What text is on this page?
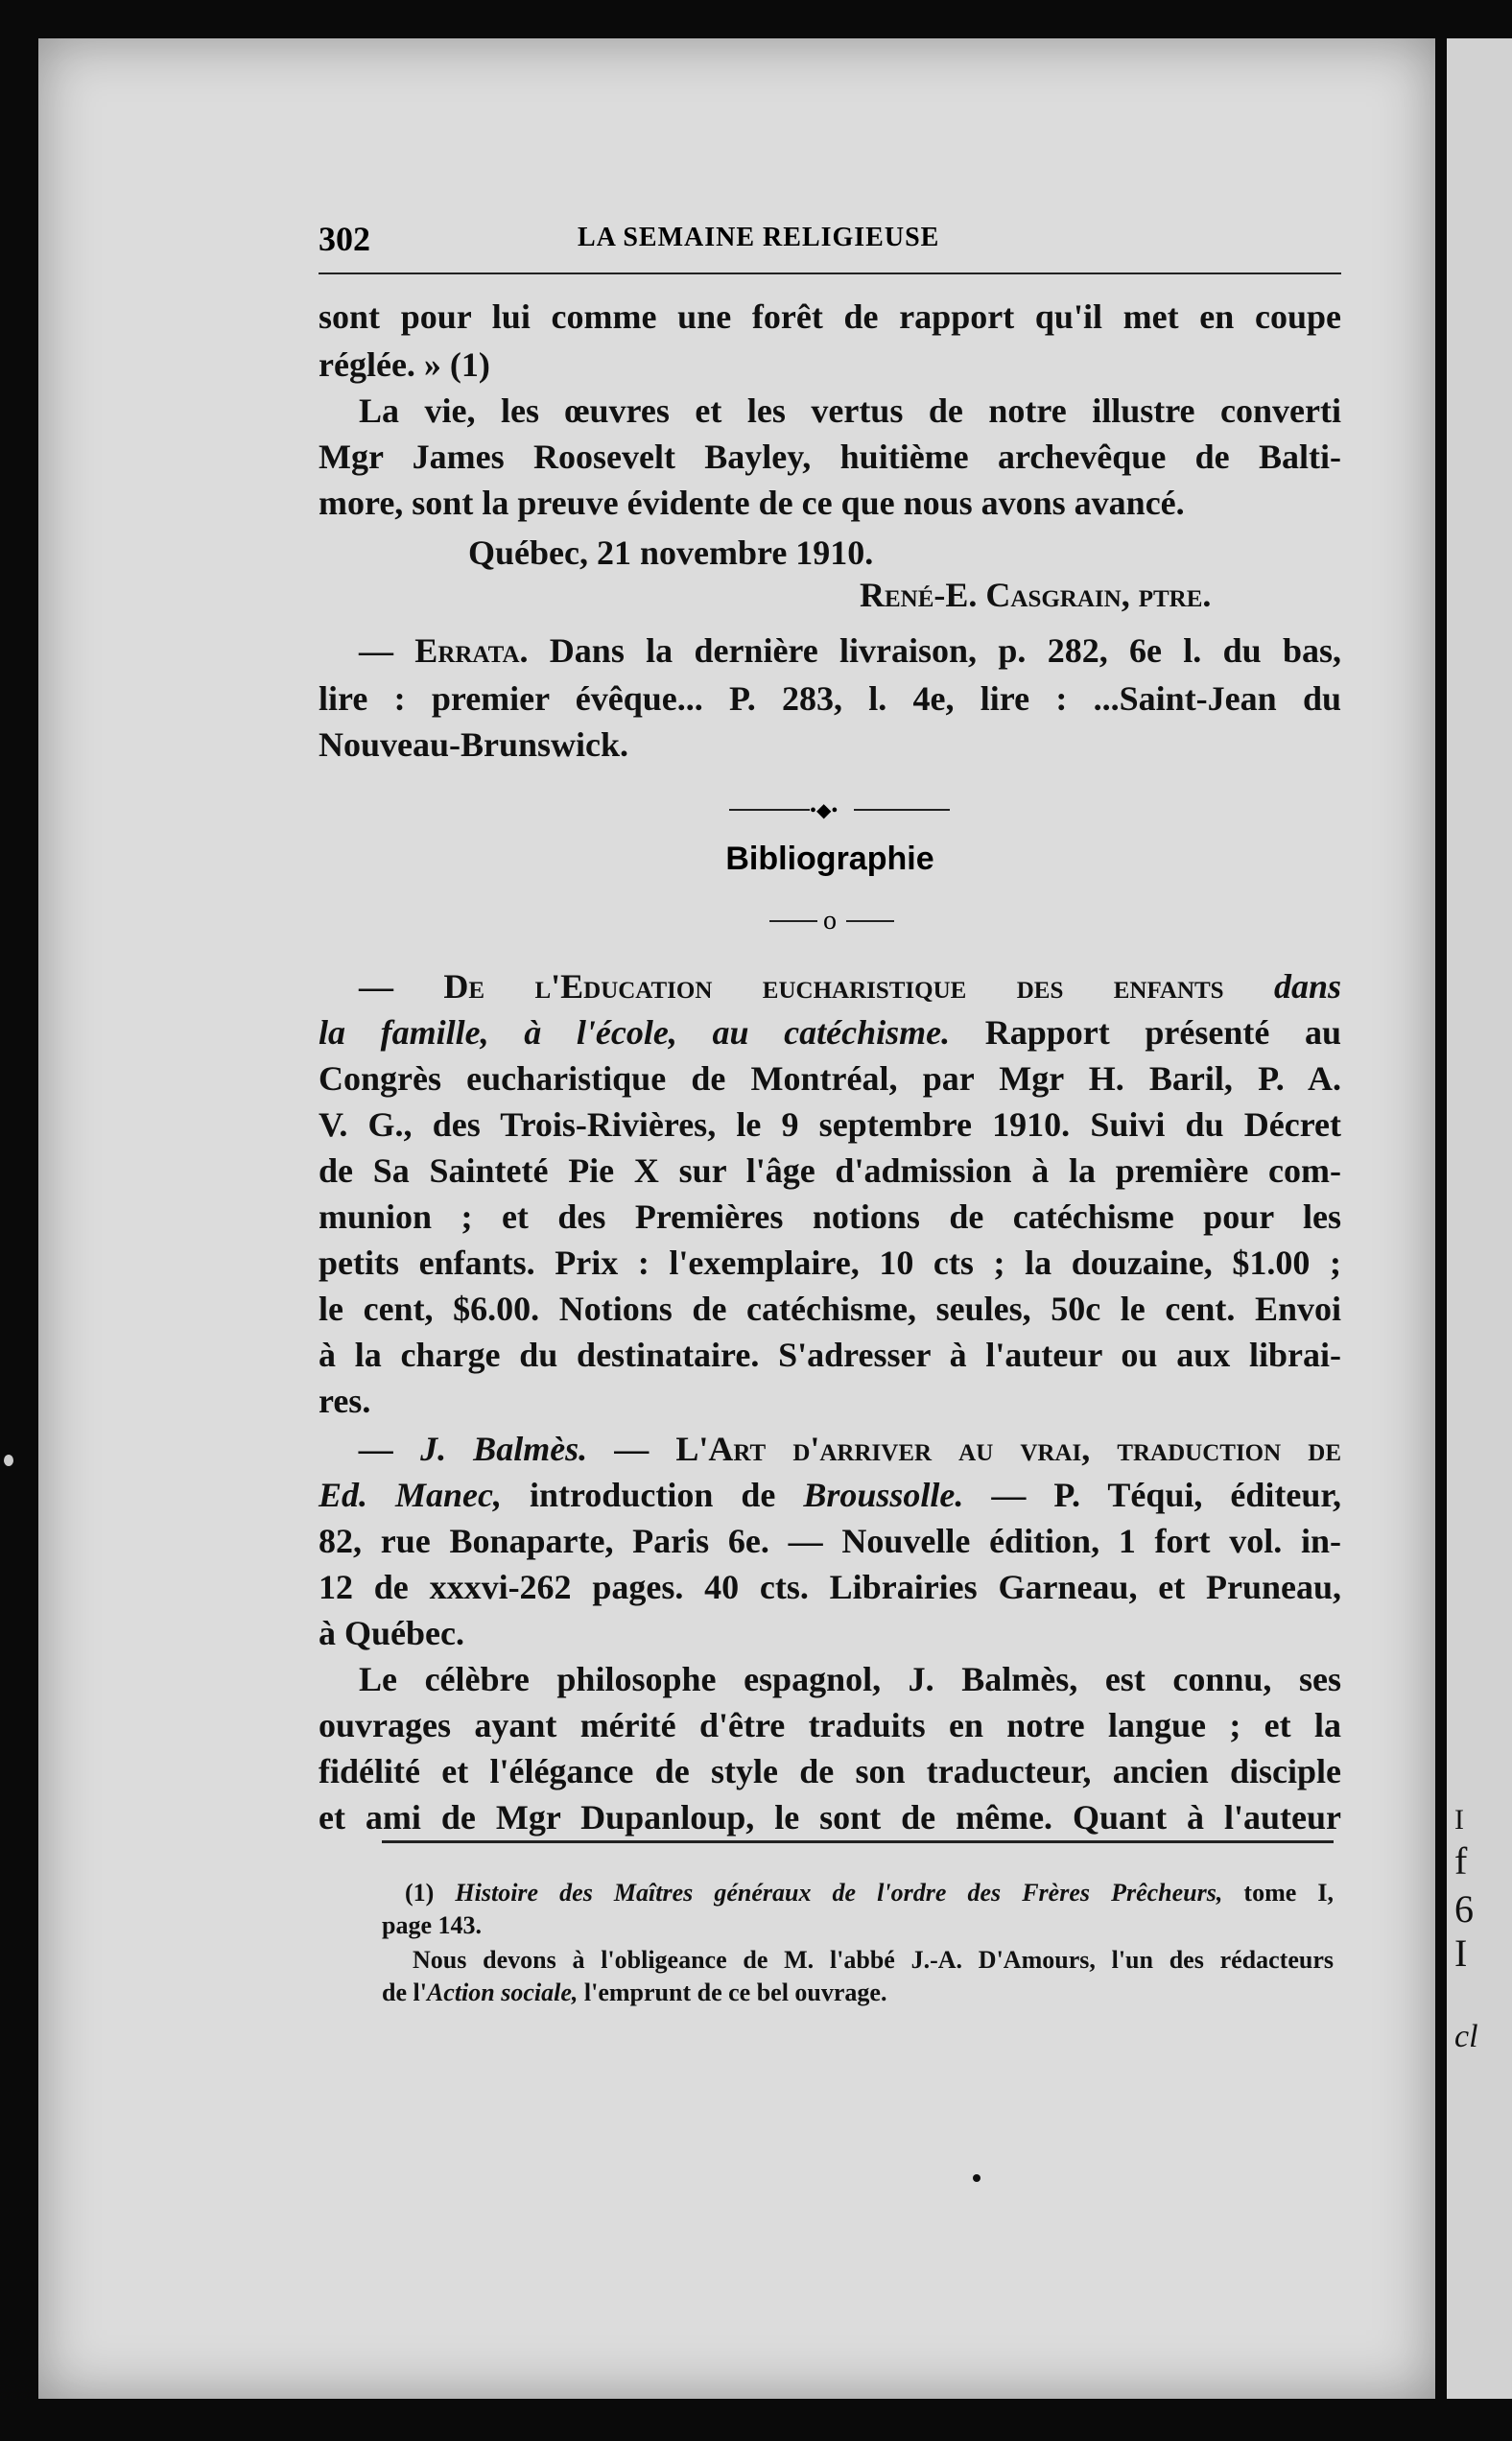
I
f
6
I
cl
302	LA SEMAINE RELIGIEUSE
sont pour lui comme une forêt de rapport qu'il met en coupe
réglée. » (1)
La vie, les œuvres et les vertus de notre illustre converti
Mgr James Roosevelt Bayley, huitième archevêque de Balti-
more, sont la preuve évidente de ce que nous avons avancé.
Québec, 21 novembre 1910.
René-E. Casgrain, ptre.
— Errata. Dans la dernière livraison, p. 282, 6e l. du bas,
lire : premier évêque... P. 283, l. 4e, lire : ...Saint-Jean du
Nouveau-Brunswick.
•◆•
Bibliographie
o
— De l'Education eucharistique des enfants dans
la famille, à l'école, au catéchisme. Rapport présenté au
Congrès eucharistique de Montréal, par Mgr H. Baril, P. A.
V. G., des Trois-Rivières, le 9 septembre 1910. Suivi du Décret
de Sa Sainteté Pie X sur l'âge d'admission à la première com-
munion ; et des Premières notions de catéchisme pour les
petits enfants. Prix : l'exemplaire, 10 cts ; la douzaine, $1.00 ;
le cent, $6.00. Notions de catéchisme, seules, 50c le cent. Envoi
à la charge du destinataire. S'adresser à l'auteur ou aux librai-
res.
— J. Balmès. — L'Art d'arriver au vrai, traduction de
Ed. Manec, introduction de Broussolle. — P. Téqui, éditeur,
82, rue Bonaparte, Paris 6e. — Nouvelle édition, 1 fort vol. in-
12 de xxxvi-262 pages. 40 cts. Librairies Garneau, et Pruneau,
à Québec.
Le célèbre philosophe espagnol, J. Balmès, est connu, ses
ouvrages ayant mérité d'être traduits en notre langue ; et la
fidélité et l'élégance de style de son traducteur, ancien disciple
et ami de Mgr Dupanloup, le sont de même. Quant à l'auteur
(1) Histoire des Maîtres généraux de l'ordre des Frères Prêcheurs, tome I,
page 143.
Nous devons à l'obligeance de M. l'abbé J.-A. D'Amours, l'un des rédacteurs
de l'Action sociale, l'emprunt de ce bel ouvrage.
